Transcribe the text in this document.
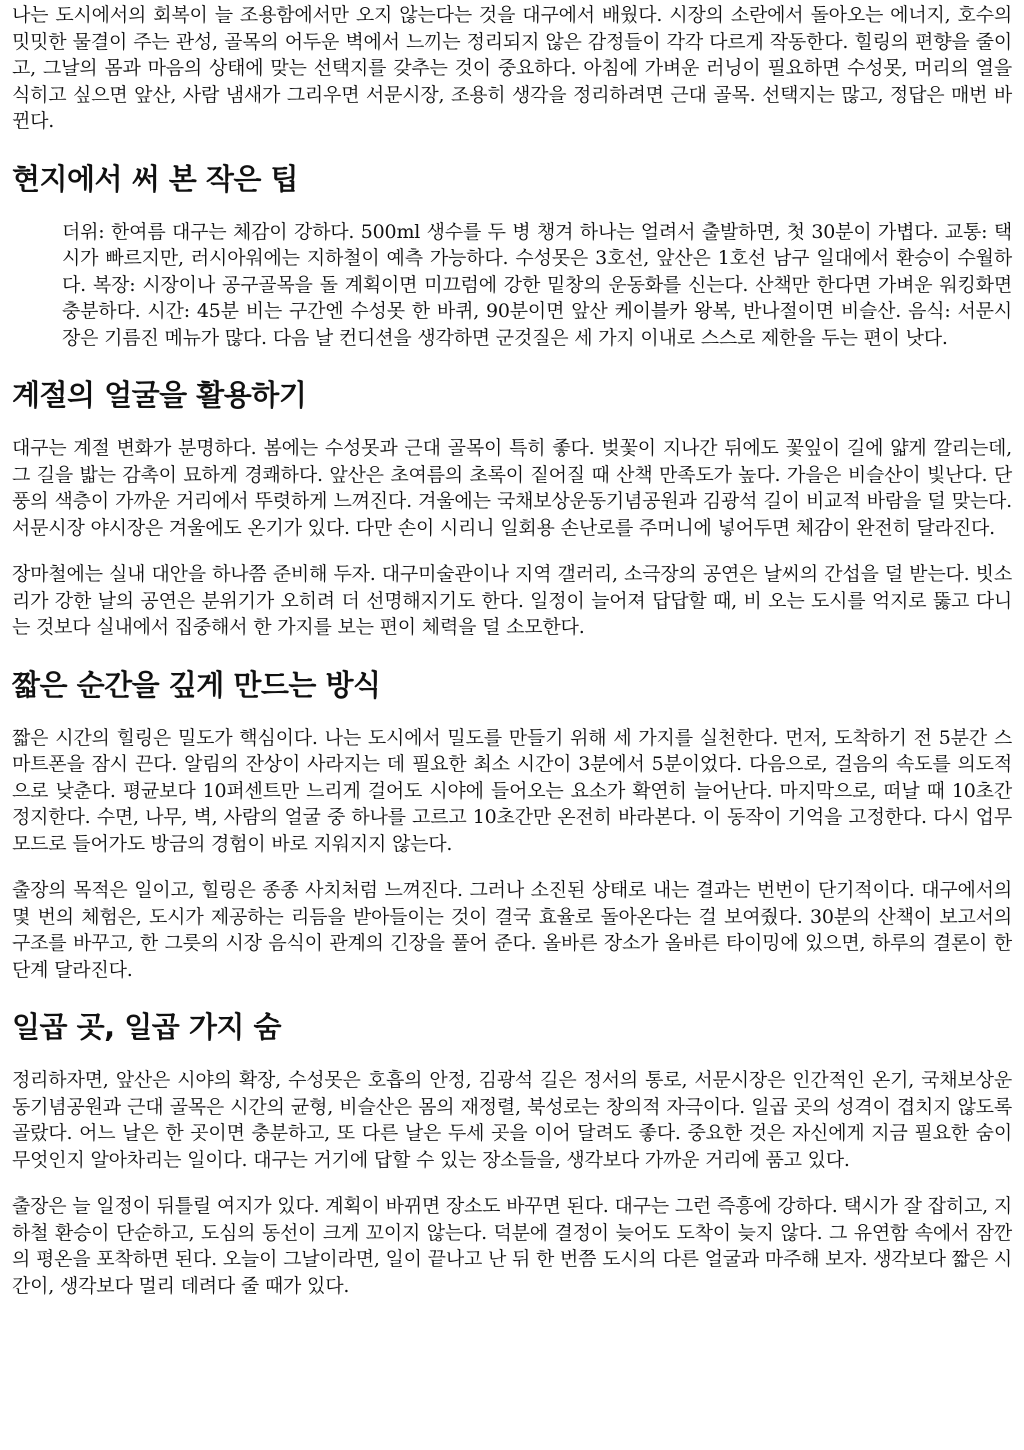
나는 도시에서의 회복이 늘 조용함에서만 오지 않는다는 것을 대구에서 배웠다. 시장의 소란에서 돌아오는 에너지, 호수의 밋밋한 물결이 주는 관성, 골목의 어두운 벽에서 느끼는 정리되지 않은 감정들이 각각 다르게 작동한다. 힐링의 편향을 줄이고, 그날의 몸과 마음의 상태에 맞는 선택지를 갖추는 것이 중요하다. 아침에 가벼운 러닝이 필요하면 수성못, 머리의 열을 식히고 싶으면 앞산, 사람 냄새가 그리우면 서문시장, 조용히 생각을 정리하려면 근대 골목. 선택지는 많고, 정답은 매번 바뀐다.

현지에서 써 본 작은 팁

더위: 한여름 대구는 체감이 강하다. 500ml 생수를 두 병 챙겨 하나는 얼려서 출발하면, 첫 30분이 가볍다. 교통: 택시가 빠르지만, 러시아워에는 지하철이 예측 가능하다. 수성못은 3호선, 앞산은 1호선 남구 일대에서 환승이 수월하다. 복장: 시장이나 공구골목을 돌 계획이면 미끄럼에 강한 밑창의 운동화를 신는다. 산책만 한다면 가벼운 워킹화면 충분하다. 시간: 45분 비는 구간엔 수성못 한 바퀴, 90분이면 앞산 케이블카 왕복, 반나절이면 비슬산. 음식: 서문시장은 기름진 메뉴가 많다. 다음 날 컨디션을 생각하면 군것질은 세 가지 이내로 스스로 제한을 두는 편이 낫다.

계절의 얼굴을 활용하기

대구는 계절 변화가 분명하다. 봄에는 수성못과 근대 골목이 특히 좋다. 벚꽃이 지나간 뒤에도 꽃잎이 길에 얇게 깔리는데, 그 길을 밟는 감촉이 묘하게 경쾌하다. 앞산은 초여름의 초록이 짙어질 때 산책 만족도가 높다. 가을은 비슬산이 빛난다. 단풍의 색층이 가까운 거리에서 뚜렷하게 느껴진다. 겨울에는 국채보상운동기념공원과 김광석 길이 비교적 바람을 덜 맞는다. 서문시장 야시장은 겨울에도 온기가 있다. 다만 손이 시리니 일회용 손난로를 주머니에 넣어두면 체감이 완전히 달라진다.

장마철에는 실내 대안을 하나쯤 준비해 두자. 대구미술관이나 지역 갤러리, 소극장의 공연은 날씨의 간섭을 덜 받는다. 빗소리가 강한 날의 공연은 분위기가 오히려 더 선명해지기도 한다. 일정이 늘어져 답답할 때, 비 오는 도시를 억지로 뚫고 다니는 것보다 실내에서 집중해서 한 가지를 보는 편이 체력을 덜 소모한다.

짧은 순간을 깊게 만드는 방식

짧은 시간의 힐링은 밀도가 핵심이다. 나는 도시에서 밀도를 만들기 위해 세 가지를 실천한다. 먼저, 도착하기 전 5분간 스마트폰을 잠시 끈다. 알림의 잔상이 사라지는 데 필요한 최소 시간이 3분에서 5분이었다. 다음으로, 걸음의 속도를 의도적으로 낮춘다. 평균보다 10퍼센트만 느리게 걸어도 시야에 들어오는 요소가 확연히 늘어난다. 마지막으로, 떠날 때 10초간 정지한다. 수면, 나무, 벽, 사람의 얼굴 중 하나를 고르고 10초간만 온전히 바라본다. 이 동작이 기억을 고정한다. 다시 업무 모드로 들어가도 방금의 경험이 바로 지워지지 않는다.

출장의 목적은 일이고, 힐링은 종종 사치처럼 느껴진다. 그러나 소진된 상태로 내는 결과는 번번이 단기적이다. 대구에서의 몇 번의 체험은, 도시가 제공하는 리듬을 받아들이는 것이 결국 효율로 돌아온다는 걸 보여줬다. 30분의 산책이 보고서의 구조를 바꾸고, 한 그릇의 시장 음식이 관계의 긴장을 풀어 준다. 올바른 장소가 올바른 타이밍에 있으면, 하루의 결론이 한 단계 달라진다.

일곱 곳, 일곱 가지 숨

정리하자면, 앞산은 시야의 확장, 수성못은 호흡의 안정, 김광석 길은 정서의 통로, 서문시장은 인간적인 온기, 국채보상운동기념공원과 근대 골목은 시간의 균형, 비슬산은 몸의 재정렬, 북성로는 창의적 자극이다. 일곱 곳의 성격이 겹치지 않도록 골랐다. 어느 날은 한 곳이면 충분하고, 또 다른 날은 두세 곳을 이어 달려도 좋다. 중요한 것은 자신에게 지금 필요한 숨이 무엇인지 알아차리는 일이다. 대구는 거기에 답할 수 있는 장소들을, 생각보다 가까운 거리에 품고 있다.

출장은 늘 일정이 뒤틀릴 여지가 있다. 계획이 바뀌면 장소도 바꾸면 된다. 대구는 그런 즉흥에 강하다. 택시가 잘 잡히고, 지하철 환승이 단순하고, 도심의 동선이 크게 꼬이지 않는다. 덕분에 결정이 늦어도 도착이 늦지 않다. 그 유연함 속에서 잠깐의 평온을 포착하면 된다. 오늘이 그날이라면, 일이 끝나고 난 뒤 한 번쯤 도시의 다른 얼굴과 마주해 보자. 생각보다 짧은 시간이, 생각보다 멀리 데려다 줄 때가 있다.
